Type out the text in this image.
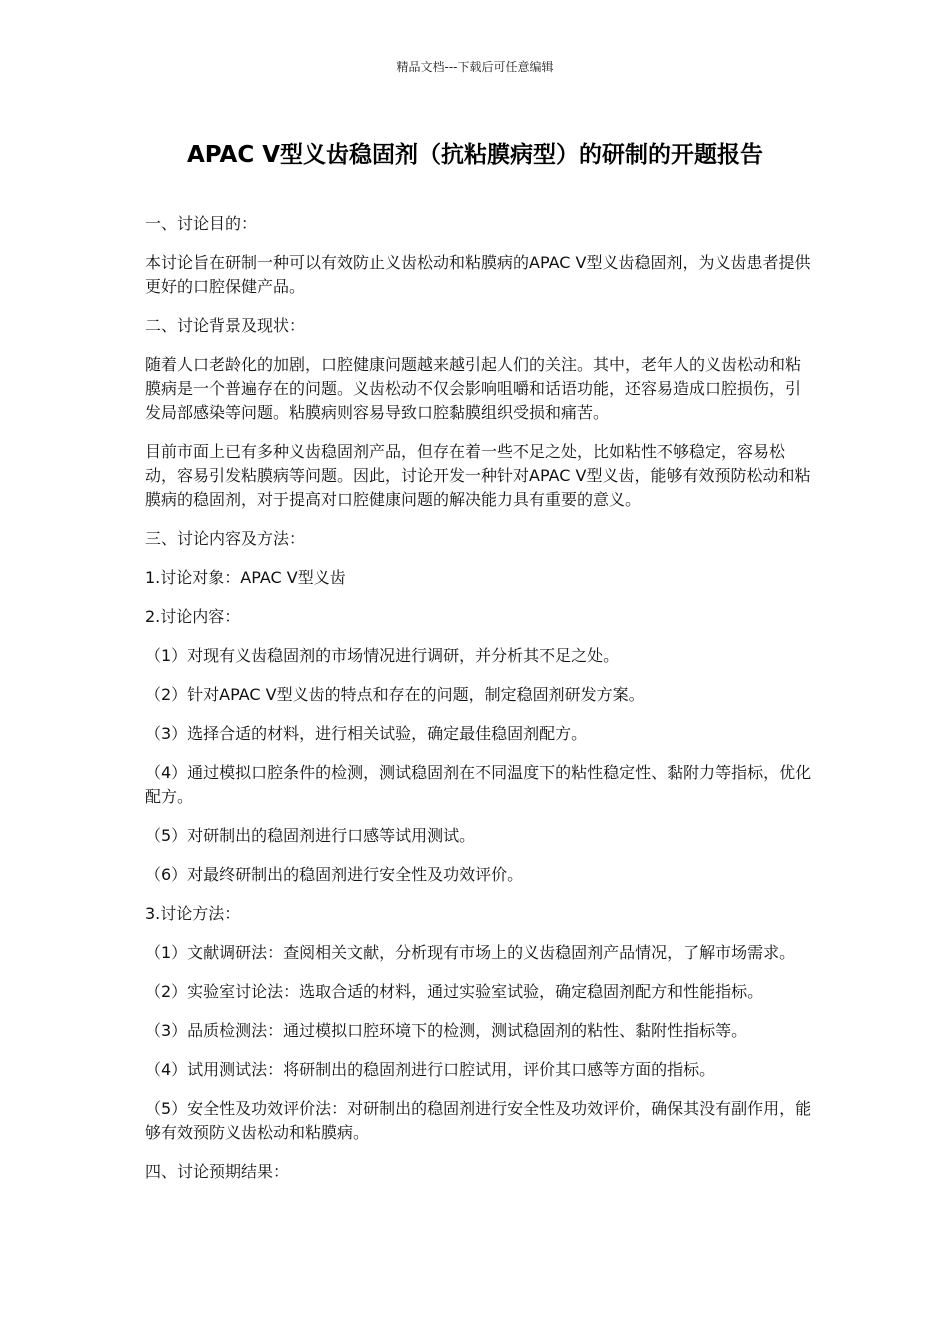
精品文档---下载后可任意编辑
APAC Ⅴ型义齿稳固剂（抗粘膜病型）的研制的开题报告

一、讨论目的：

本讨论旨在研制一种可以有效防止义齿松动和粘膜病的APAC Ⅴ型义齿稳固剂，为义齿患者提供更好的口腔保健产品。

二、讨论背景及现状：

随着人口老龄化的加剧，口腔健康问题越来越引起人们的关注。其中，老年人的义齿松动和粘膜病是一个普遍存在的问题。义齿松动不仅会影响咀嚼和话语功能，还容易造成口腔损伤，引发局部感染等问题。粘膜病则容易导致口腔黏膜组织受损和痛苦。

目前市面上已有多种义齿稳固剂产品，但存在着一些不足之处，比如粘性不够稳定，容易松动，容易引发粘膜病等问题。因此，讨论开发一种针对APAC Ⅴ型义齿，能够有效预防松动和粘膜病的稳固剂，对于提高对口腔健康问题的解决能力具有重要的意义。

三、讨论内容及方法：

1.讨论对象：APAC Ⅴ型义齿

2.讨论内容：

（1）对现有义齿稳固剂的市场情况进行调研，并分析其不足之处。

（2）针对APAC Ⅴ型义齿的特点和存在的问题，制定稳固剂研发方案。

（3）选择合适的材料，进行相关试验，确定最佳稳固剂配方。

（4）通过模拟口腔条件的检测，测试稳固剂在不同温度下的粘性稳定性、黏附力等指标，优化配方。

（5）对研制出的稳固剂进行口感等试用测试。

（6）对最终研制出的稳固剂进行安全性及功效评价。

3.讨论方法：

（1）文献调研法：查阅相关文献，分析现有市场上的义齿稳固剂产品情况，了解市场需求。

（2）实验室讨论法：选取合适的材料，通过实验室试验，确定稳固剂配方和性能指标。

（3）品质检测法：通过模拟口腔环境下的检测，测试稳固剂的粘性、黏附性指标等。

（4）试用测试法：将研制出的稳固剂进行口腔试用，评价其口感等方面的指标。

（5）安全性及功效评价法：对研制出的稳固剂进行安全性及功效评价，确保其没有副作用，能够有效预防义齿松动和粘膜病。

四、讨论预期结果：
